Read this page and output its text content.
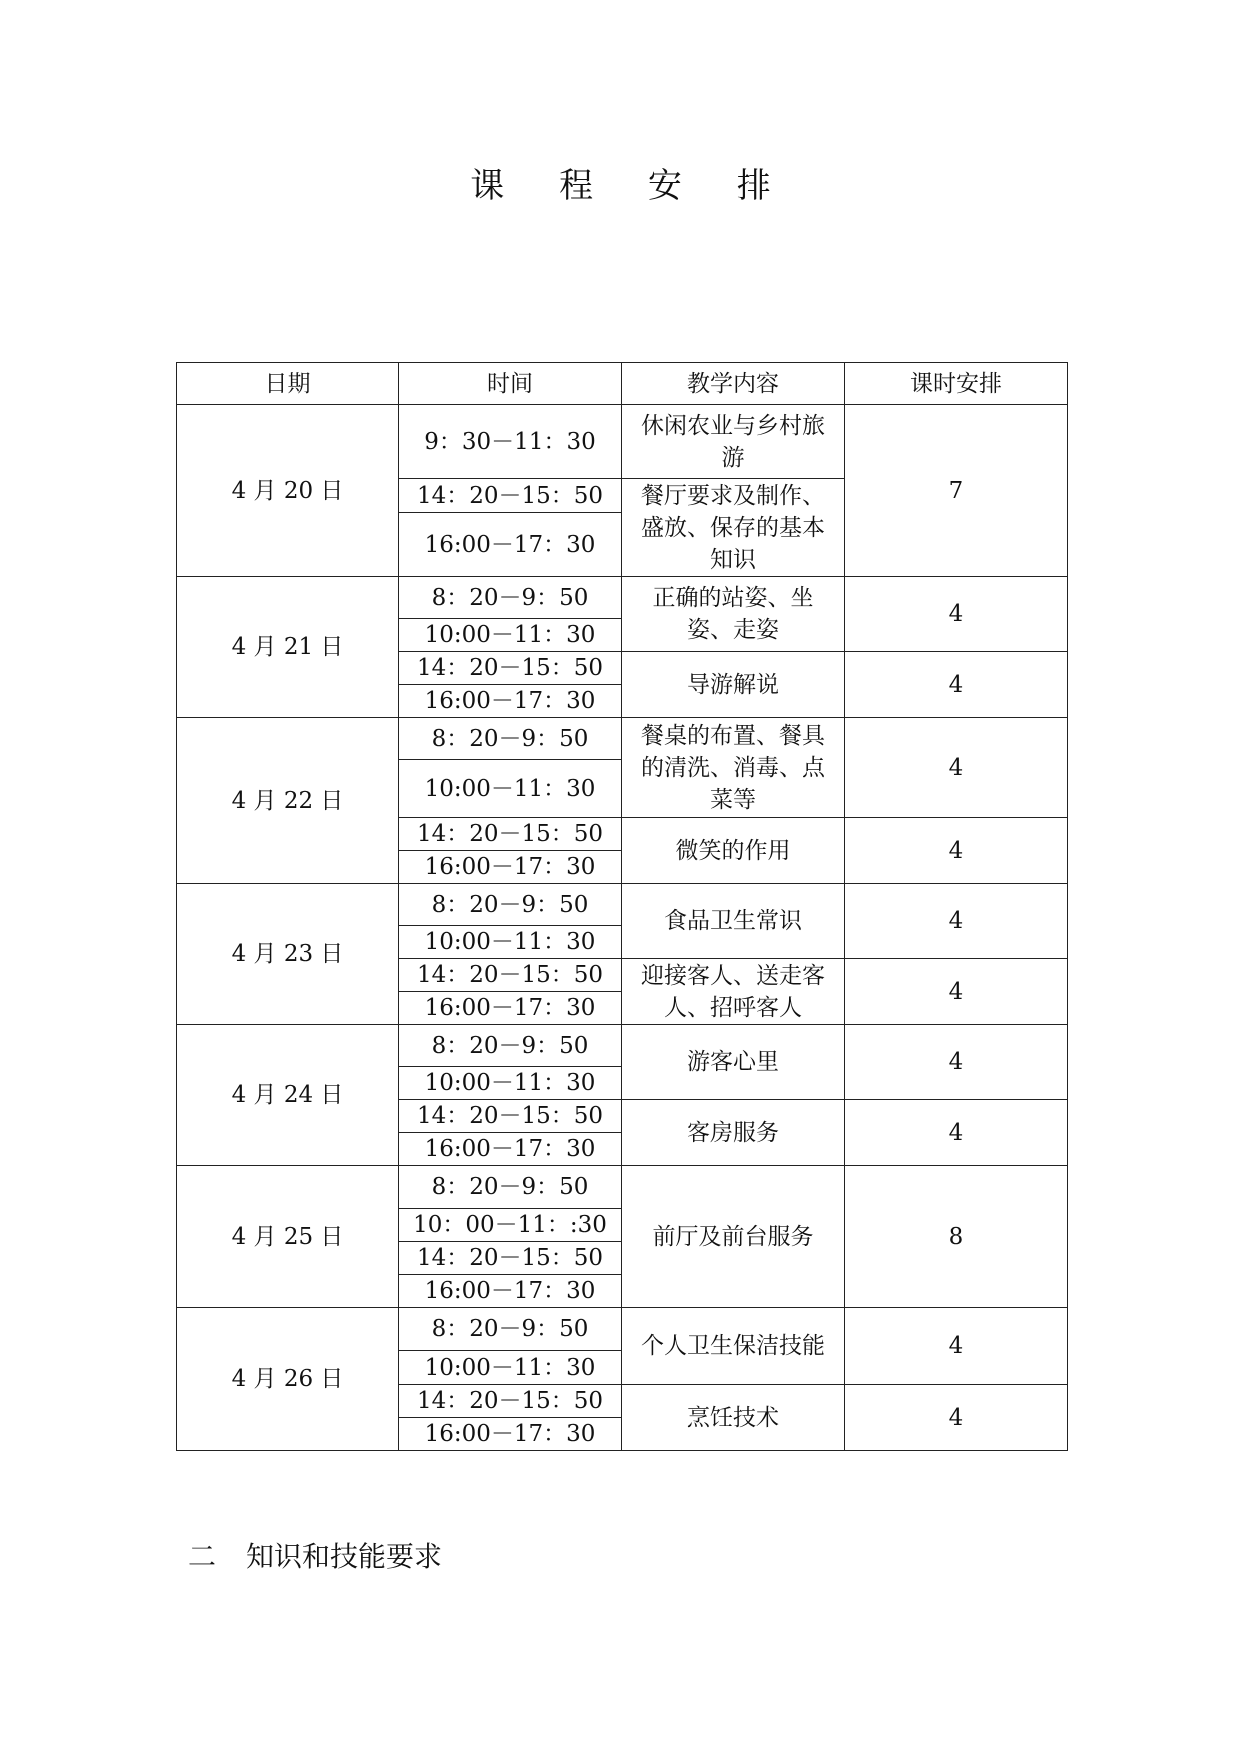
课 程 安 排
日期	时间	教学内容	课时安排
4 月 20 日	9：30－11：30	休闲农业与乡村旅游	7
	14：20－15：50	餐厅要求及制作、盛放、保存的基本知识	
	16:00－17：30		
4 月 21 日	8：20－9：50	正确的站姿、坐姿、走姿	4
	10:00－11：30		
	14：20－15：50	导游解说	4
	16:00－17：30		
4 月 22 日	8：20－9：50	餐桌的布置、餐具的清洗、消毒、点菜等	4
	10:00－11：30		
	14：20－15：50	微笑的作用	4
	16:00－17：30		
4 月 23 日	8：20－9：50	食品卫生常识	4
	10:00－11：30		
	14：20－15：50	迎接客人、送走客人、招呼客人	4
	16:00－17：30		
4 月 24 日	8：20－9：50	游客心里	4
	10:00－11：30		
	14：20－15：50	客房服务	4
	16:00－17：30		
4 月 25 日	8：20－9：50	前厅及前台服务	8
	10：00－11：:30		
	14：20－15：50		
	16:00－17：30		
4 月 26 日	8：20－9：50	个人卫生保洁技能	4
	10:00－11：30		
	14：20－15：50	烹饪技术	4
	16:00－17：30		
二 知识和技能要求
